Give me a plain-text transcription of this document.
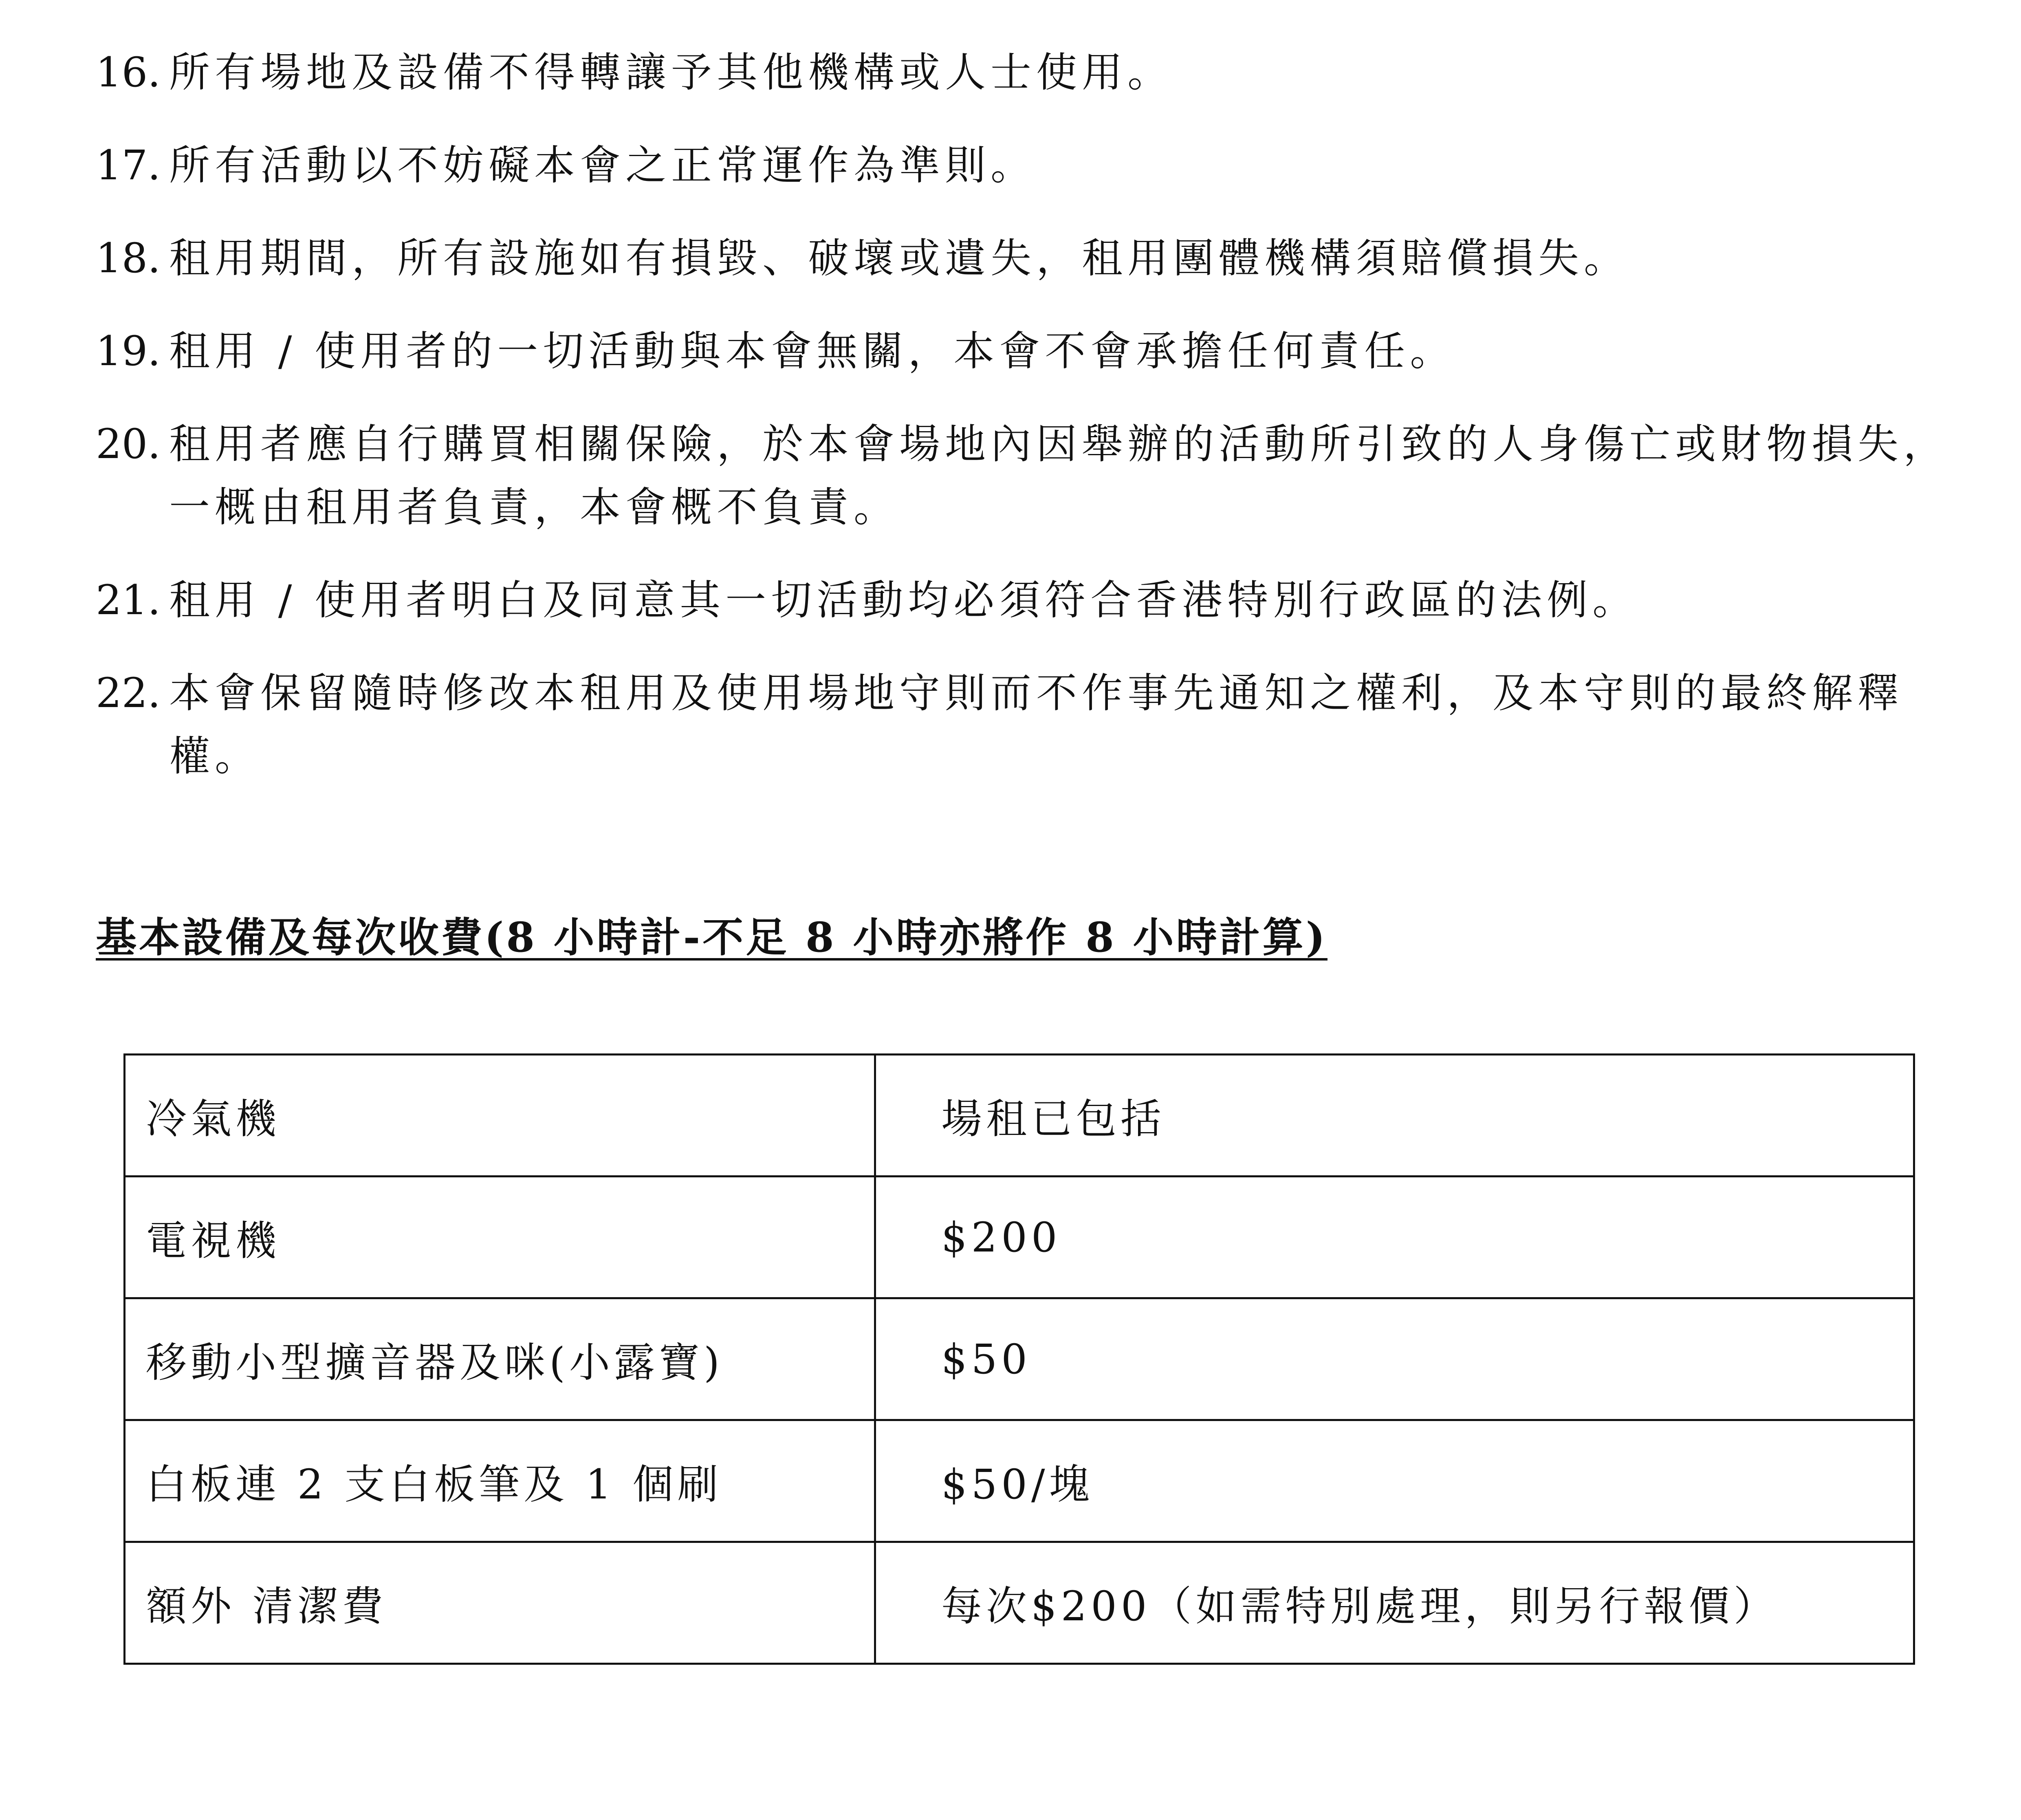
16. 所有場地及設備不得轉讓予其他機構或人士使用。
17. 所有活動以不妨礙本會之正常運作為準則。
18. 租用期間，所有設施如有損毀、破壞或遺失，租用團體機構須賠償損失。
19. 租用 / 使用者的一切活動與本會無關，本會不會承擔任何責任。
20. 租用者應自行購買相關保險，於本會場地內因舉辦的活動所引致的人身傷亡或財物損失，
一概由租用者負責，本會概不負責。
21. 租用 / 使用者明白及同意其一切活動均必須符合香港特別行政區的法例。
22. 本會保留隨時修改本租用及使用場地守則而不作事先通知之權利，及本守則的最終解釋
權。
基本設備及每次收費(8 小時計-不足 8 小時亦將作 8 小時計算)
冷氣機	場租已包括
電視機	$200
移動小型擴音器及咪(小露寶)	$50
白板連 2 支白板筆及 1 個刷	$50/塊
額外 清潔費	每次$200（如需特別處理，則另行報價）
